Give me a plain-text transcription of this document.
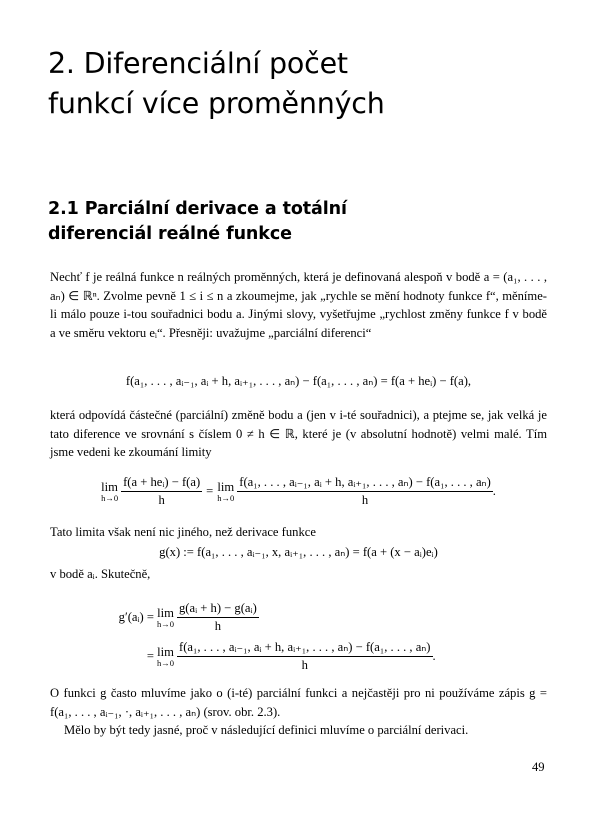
2. Diferenciální počet
funkcí více proměnných
2.1 Parciální derivace a totální
diferenciál reálné funkce

Nechť f je reálná funkce n reálných proměnných, která je definovaná alespoň v bodě a = (a₁, . . . , aₙ) ∈ ℝⁿ. Zvolme pevně 1 ≤ i ≤ n a zkoumejme, jak „rychle se mění hodnoty funkce f“, měníme-li málo pouze i-tou souřadnici bodu a. Jinými slovy, vyšetřujme „rychlost změny funkce f v bodě a ve směru vektoru eᵢ“. Přesněji: uvažujme „parciální diferenci“

f(a₁, . . . , aᵢ₋₁, aᵢ + h, aᵢ₊₁, . . . , aₙ) − f(a₁, . . . , aₙ) = f(a + heᵢ) − f(a),

která odpovídá částečné (parciální) změně bodu a (jen v i-té souřadnici), a ptejme se, jak velká je tato diference ve srovnání s číslem 0 ≠ h ∈ ℝ, které je (v absolutní hodnotě) velmi malé. Tím jsme vedeni ke zkoumání limity

lim
$h\to 0 \frac{\text{f(a + heᵢ) − f(a)}}{h} = \lim$
h→0
f(a₁, . . . , aᵢ₋₁, aᵢ + h, aᵢ₊₁, . . . , aₙ) − f(a₁, . . . , aₙ)
h
.

Tato limita však není nic jiného, než derivace funkce

g(x) := f(a₁, . . . , aᵢ₋₁, x, aᵢ₊₁, . . . , aₙ) = f(a + (x − aᵢ)eᵢ)

v bodě aᵢ. Skutečně,

g′(aᵢ) = lim
$h\to 0 \frac{\text{g(aᵢ + h) − g(aᵢ)}}{h}$
= lim
h→0
f(a₁, . . . , aᵢ₋₁, aᵢ + h, aᵢ₊₁, . . . , aₙ) − f(a₁, . . . , aₙ)
h
.

O funkci g často mluvíme jako o (i-té) parciální funkci a nejčastěji pro ni používáme zápis g = f(a₁, . . . , aᵢ₋₁, ·, aᵢ₊₁, . . . , aₙ) (srov. obr. 2.3).

Mělo by být tedy jasné, proč v následující definici mluvíme o parciální derivaci.

49
